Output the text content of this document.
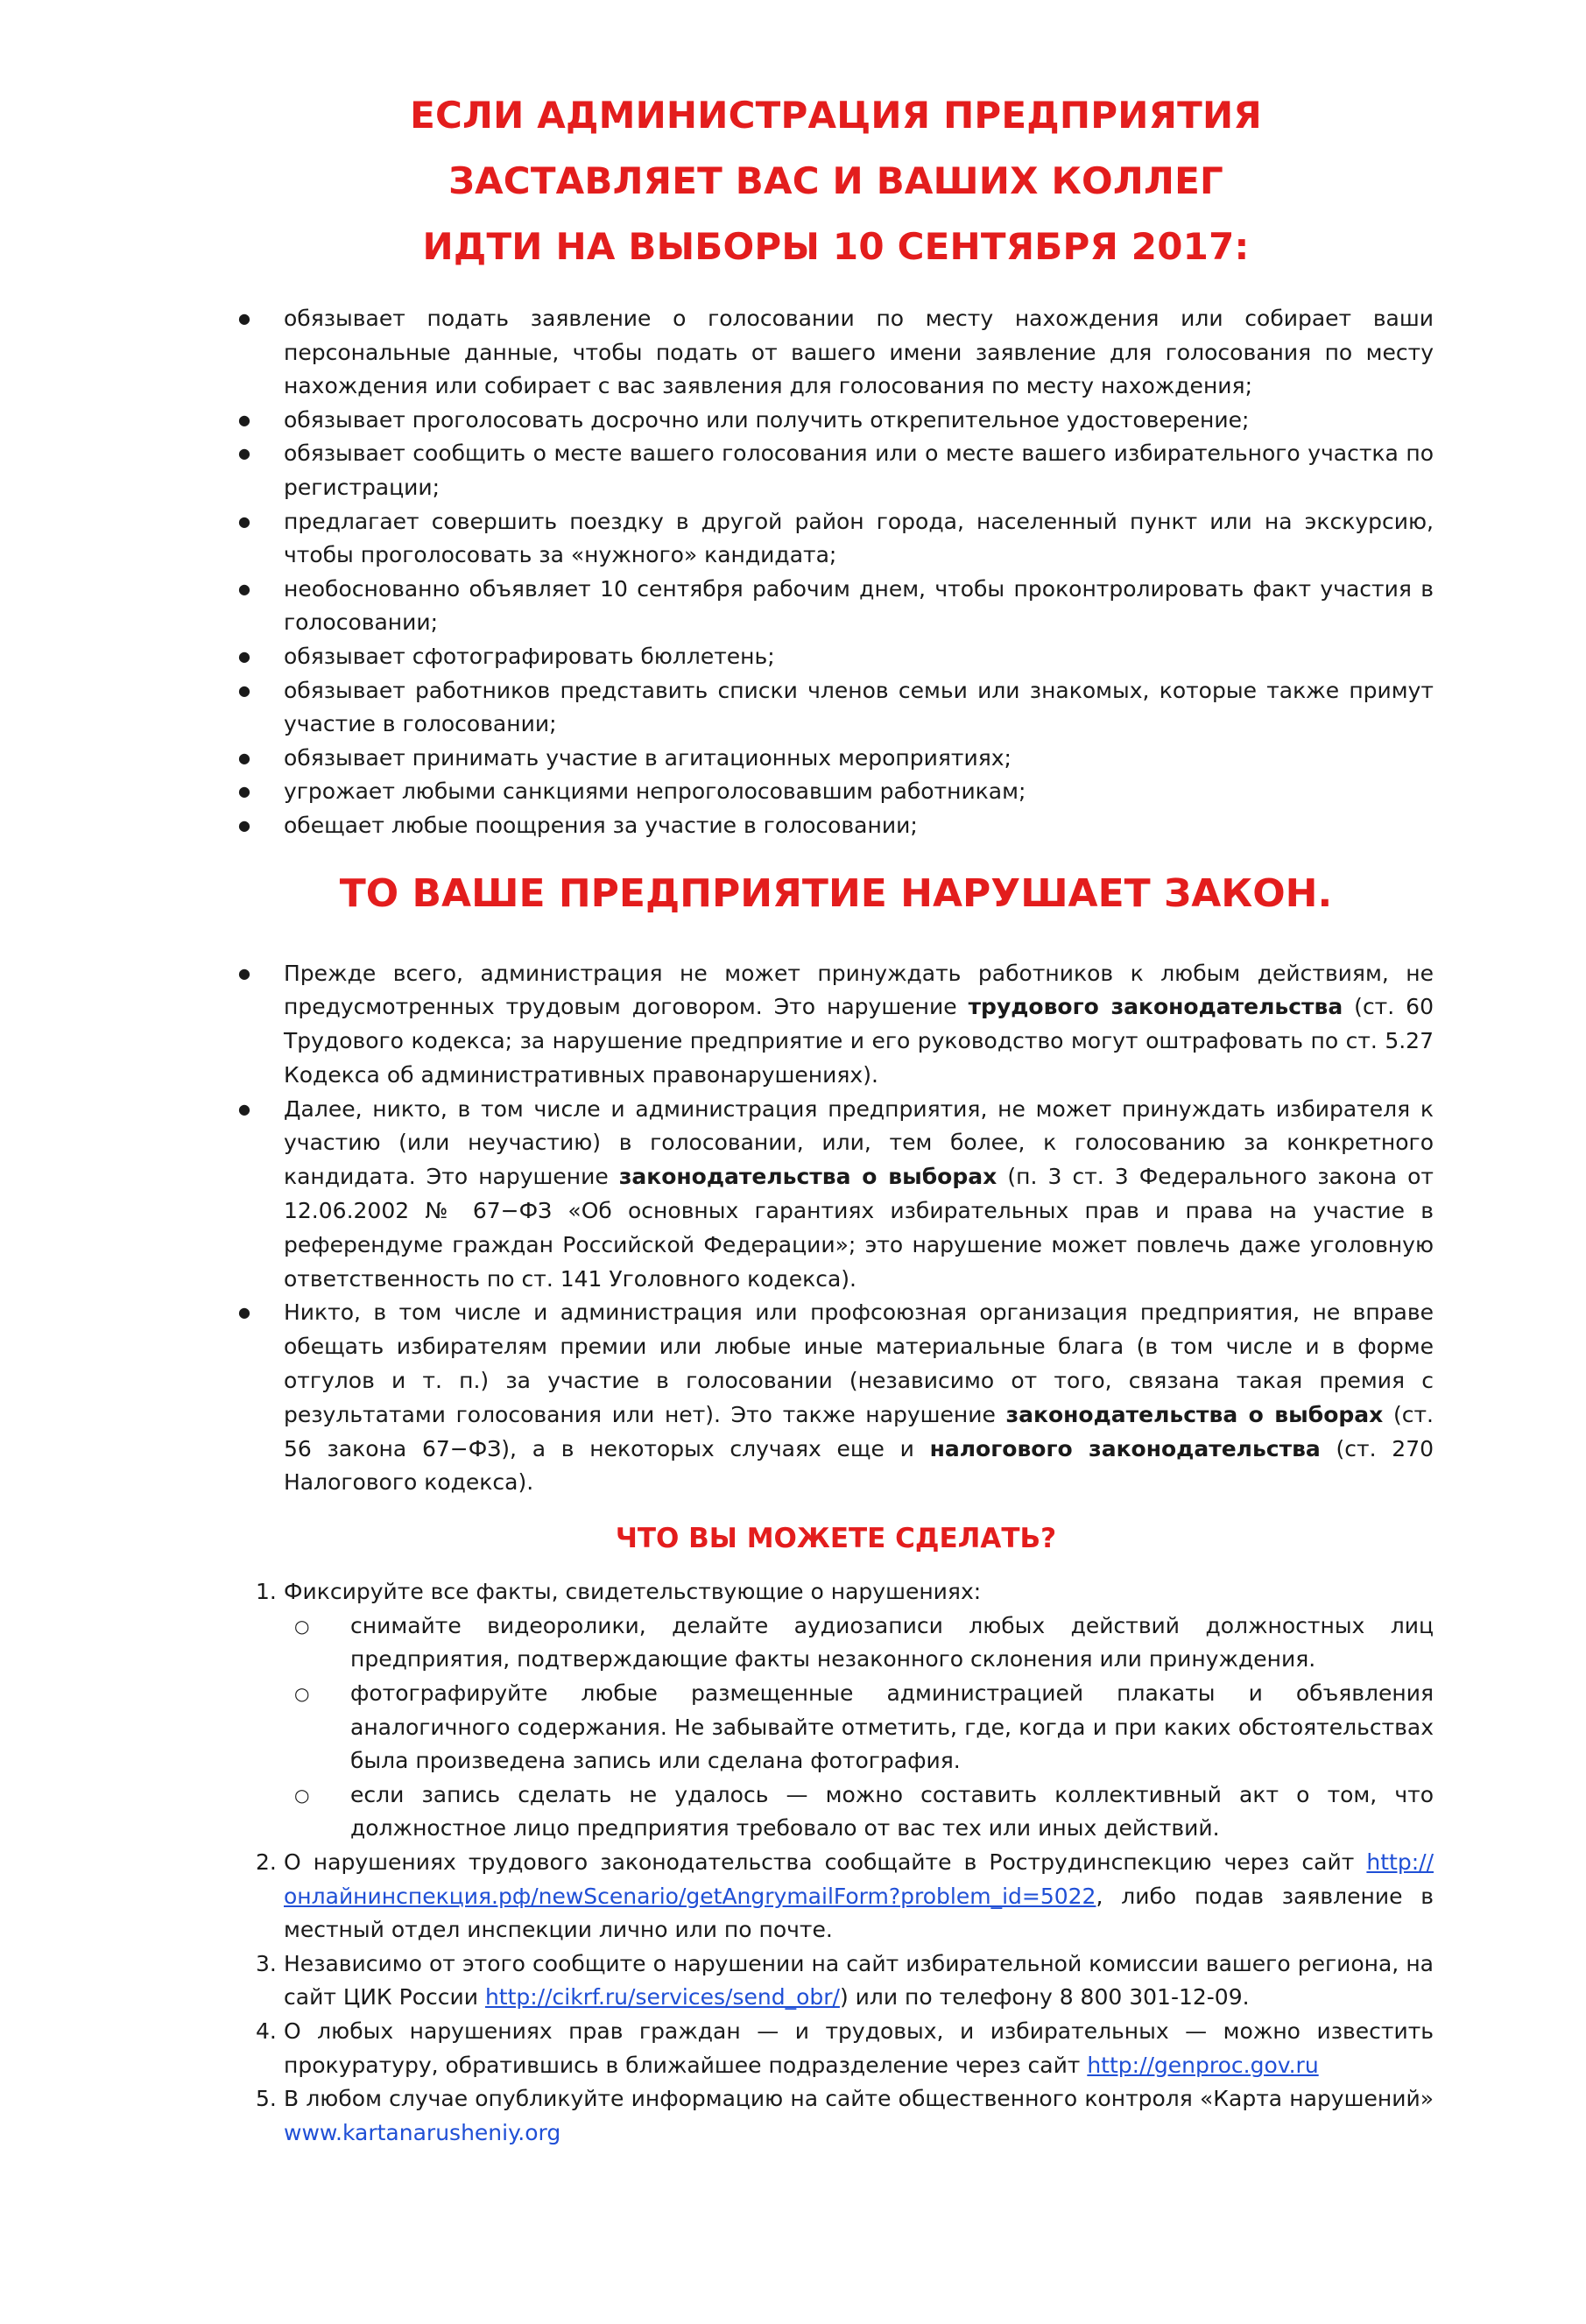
ЕСЛИ АДМИНИСТРАЦИЯ ПРЕДПРИЯТИЯ
ЗАСТАВЛЯЕТ ВАС И ВАШИХ КОЛЛЕГ
ИДТИ НА ВЫБОРЫ 10 СЕНТЯБРЯ 2017:
● обязывает подать заявление о голосовании по месту нахождения или собирает ваши персональные данные, чтобы подать от вашего имени заявление для голосования по месту нахождения или собирает с вас заявления для голосования по месту нахождения;
● обязывает проголосовать досрочно или получить открепительное удостоверение;
● обязывает сообщить о месте вашего голосования или о месте вашего избирательного участка по регистрации;
● предлагает совершить поездку в другой район города, населенный пункт или на экскурсию, чтобы проголосовать за «нужного» кандидата;
● необоснованно объявляет 10 сентября рабочим днем, чтобы проконтролировать факт участия в голосовании;
● обязывает сфотографировать бюллетень;
● обязывает работников представить списки членов семьи или знакомых, которые также примут участие в голосовании;
● обязывает принимать участие в агитационных мероприятиях;
● угрожает любыми санкциями непроголосовавшим работникам;
● обещает любые поощрения за участие в голосовании;
ТО ВАШЕ ПРЕДПРИЯТИЕ НАРУШАЕТ ЗАКОН.
● Прежде всего, администрация не может принуждать работников к любым действиям, не предусмотренных трудовым договором. Это нарушение трудового законодательства (ст. 60 Трудового кодекса; за нарушение предприятие и его руководство могут оштрафовать по ст. 5.27 Кодекса об административных правонарушениях).
● Далее, никто, в том числе и администрация предприятия, не может принуждать избирателя к участию (или неучастию) в голосовании, или, тем более, к голосованию за конкретного кандидата. Это нарушение законодательства о выборах (п. 3 ст. 3 Федерального закона от 12.06.2002 № 67−ФЗ «Об основных гарантиях избирательных прав и права на участие в референдуме граждан Российской Федерации»; это нарушение может повлечь даже уголовную ответственность по ст. 141 Уголовного кодекса).
● Никто, в том числе и администрация или профсоюзная организация предприятия, не вправе обещать избирателям премии или любые иные материальные блага (в том числе и в форме отгулов и т. п.) за участие в голосовании (независимо от того, связана такая премия с результатами голосования или нет). Это также нарушение законодательства о выборах (ст. 56 закона 67−ФЗ), а в некоторых случаях еще и налогового законодательства (ст. 270 Налогового кодекса).
ЧТО ВЫ МОЖЕТЕ СДЕЛАТЬ?
1. Фиксируйте все факты, свидетельствующие о нарушениях:
○ снимайте видеоролики, делайте аудиозаписи любых действий должностных лиц предприятия, подтверждающие факты незаконного склонения или принуждения.
○ фотографируйте любые размещенные администрацией плакаты и объявления аналогичного содержания. Не забывайте отметить, где, когда и при каких обстоятельствах была произведена запись или сделана фотография.
○ если запись сделать не удалось — можно составить коллективный акт о том, что должностное лицо предприятия требовало от вас тех или иных действий.
2. О нарушениях трудового законодательства сообщайте в Рострудинспекцию через сайт http://онлайнинспекция.рф/newScenario/getAngrymailForm?problem_id=5022, либо подав заявление в местный отдел инспекции лично или по почте.
3. Независимо от этого сообщите о нарушении на сайт избирательной комиссии вашего региона, на сайт ЦИК России http://cikrf.ru/services/send_obr/) или по телефону 8 800 301-12-09.
4. О любых нарушениях прав граждан — и трудовых, и избирательных — можно известить прокуратуру, обратившись в ближайшее подразделение через сайт http://genproc.gov.ru
5. В любом случае опубликуйте информацию на сайте общественного контроля «Карта нарушений» www.kartanarusheniy.org
